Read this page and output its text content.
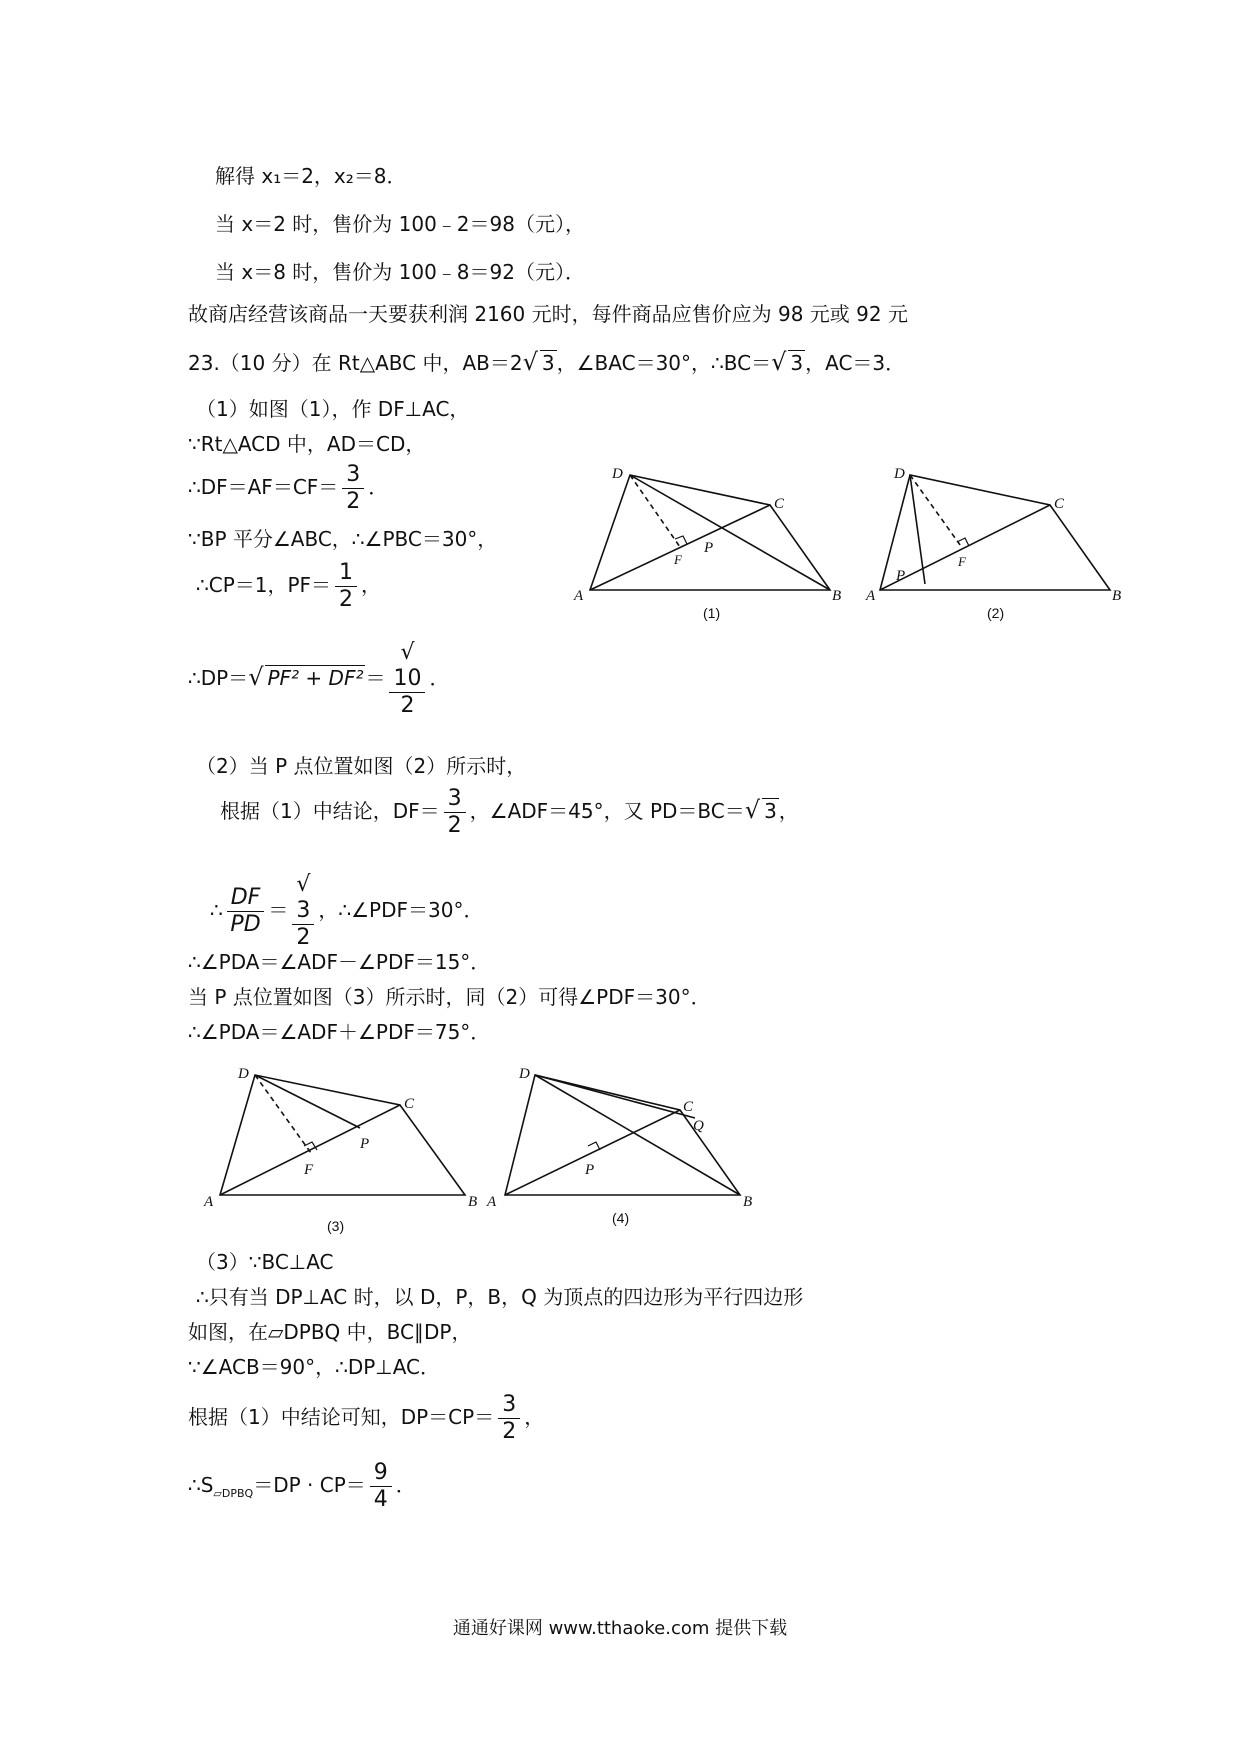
解得 x₁＝2，x₂＝8．
当 x＝2 时，售价为 100﹣2＝98（元），
当 x＝8 时，售价为 100﹣8＝92（元）．
故商店经营该商品一天要获利润 2160 元时，每件商品应售价应为 98 元或 92 元
23.（10 分）在 Rt△ABC 中，AB＝2√ 3 ，∠BAC＝30°，∴BC＝√ 3 ，AC＝3．
（1）如图（1），作 DF⊥AC，
∵Rt△ACD 中，AD＝CD，
∴DF＝AF＝CF＝ $\frac{3}{2}$ ．
∵BP 平分∠ABC，∴∠PBC＝30°，
∴CP＝1，$PF= \frac{1}{2}$ ，
∴DP＝√ PF² + DF² ＝ √
10
2 ．
（2）当 P 点位置如图（2）所示时，
根据（1）中结论，$DF= \frac{3}{2}$ ，∠ADF＝45°，又 PD＝BC＝√ 3 ，
∴ $\frac{DF}{PD}$ ＝ √
3
2 ，∴∠PDF＝30°．
∴∠PDA＝∠ADF－∠PDF＝15°．
当 P 点位置如图（3）所示时，同（2）可得∠PDF＝30°．
∴∠PDA＝∠ADF＋∠PDF＝75°．
（3）∵BC⊥AC
∴只有当 DP⊥AC 时，以 D，P，B，Q 为顶点的四边形为平行四边形
如图，在▱DPBQ 中，BC∥DP，
∵∠ACB＝90°，∴DP⊥AC．
根据（1）中结论可知，$DP=CP= \frac{3}{2}$ ，
$\therefore S_{▱DPBQ}=DP \cdot CP= \frac{9}{4}$ ．
D
C
F
P
A	B
(1)
D
C
P
F
A	B
(2)
D
C
P
F
A	B
(3)
D
C
Q
P
A	B
(4)
通通好课网 www.tthaoke.com 提供下载
